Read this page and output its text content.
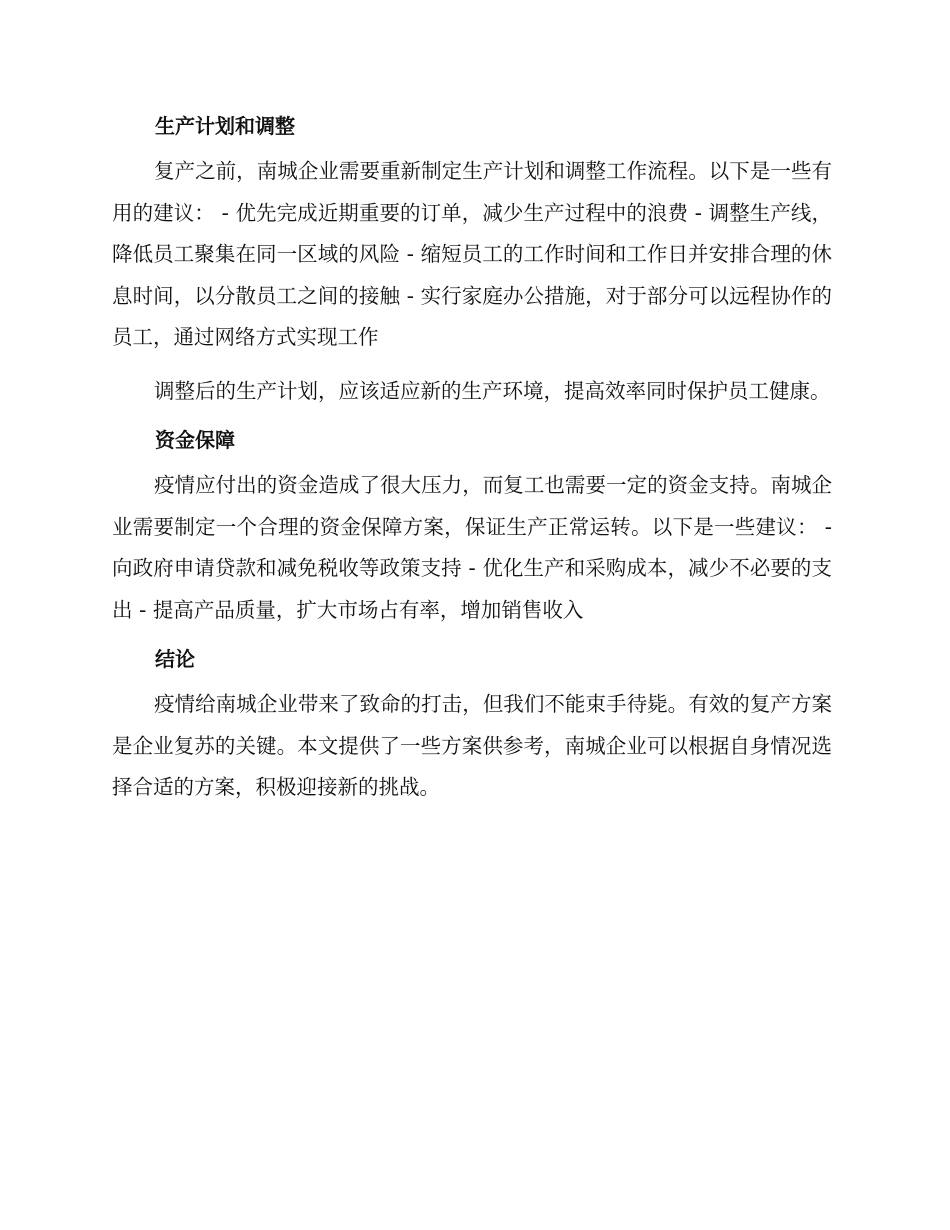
生产计划和调整

复产之前，南城企业需要重新制定生产计划和调整工作流程。以下是一些有用的建议： - 优先完成近期重要的订单，减少生产过程中的浪费 - 调整生产线，降低员工聚集在同一区域的风险 - 缩短员工的工作时间和工作日并安排合理的休息时间，以分散员工之间的接触 - 实行家庭办公措施，对于部分可以远程协作的员工，通过网络方式实现工作

调整后的生产计划，应该适应新的生产环境，提高效率同时保护员工健康。

资金保障

疫情应付出的资金造成了很大压力，而复工也需要一定的资金支持。南城企业需要制定一个合理的资金保障方案，保证生产正常运转。以下是一些建议： - 向政府申请贷款和减免税收等政策支持 - 优化生产和采购成本，减少不必要的支出 - 提高产品质量，扩大市场占有率，增加销售收入

结论

疫情给南城企业带来了致命的打击，但我们不能束手待毙。有效的复产方案是企业复苏的关键。本文提供了一些方案供参考，南城企业可以根据自身情况选择合适的方案，积极迎接新的挑战。
